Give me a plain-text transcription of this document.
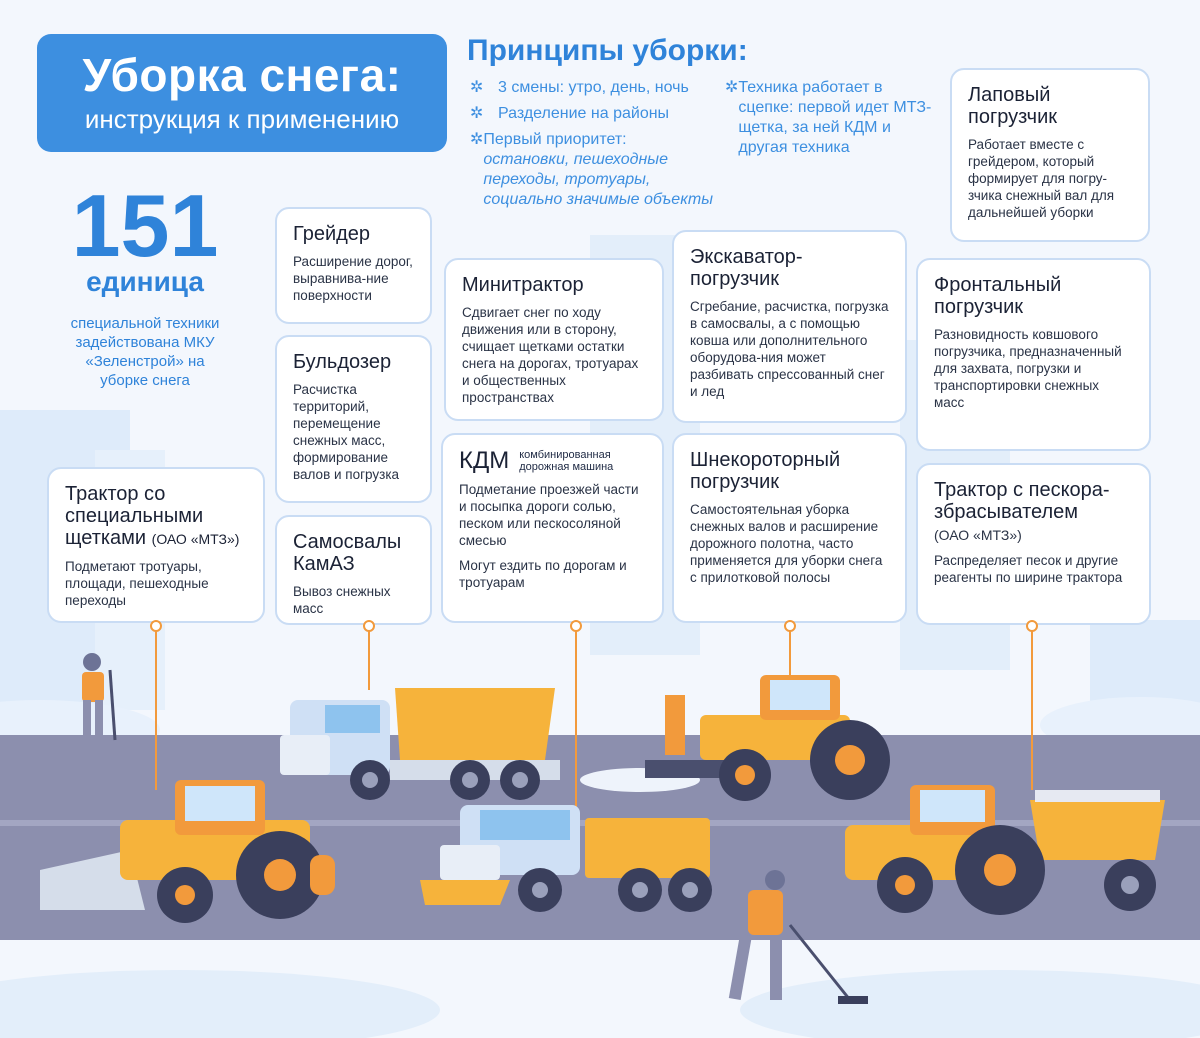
Уборка снега:
инструкция к применению
Принципы уборки:
✲ 3 смены: утро, день, ночь
✲ Разделение на районы
✲ Первый приоритет:
остановки, пешеходные переходы, тротуары, социально значимые объекты
✲ Техника работает в сцепке: первой идет МТЗ-щетка, за ней КДМ и другая техника
151
единица
специальной техники задействована МКУ «Зеленстрой» на уборке снега
Грейдер

Расширение дорог, выравнива-ние поверхности

Бульдозер

Расчистка территорий, перемещение снежных масс, формирование валов и погрузка

Самосвалы КамАЗ

Вывоз снежных масс

Трактор со специальными щетками (ОАО «МТЗ»)

Подметают тротуары, площади, пешеходные переходы

Минитрактор

Сдвигает снег по ходу движения или в сторону, счищает щетками остатки снега на дорогах, тротуарах и общественных пространствах

КДМ комбинированная дорожная машина

Подметание проезжей части и посыпка дороги солью, песком или пескосоляной смесью

Могут ездить по дорогам и тротуарам

Экскаватор-погрузчик

Сгребание, расчистка, погрузка в самосвалы, а с помощью ковша или дополнительного оборудова-ния может разбивать спрессованный снег и лед

Шнекороторный погрузчик

Самостоятельная уборка снежных валов и расширение дорожного полотна, часто применяется для уборки снега с прилотковой полосы

Лаповый погрузчик

Работает вместе с грейдером, который формирует для погру-зчика снежный вал для дальнейшей уборки

Фронтальный погрузчик

Разновидность ковшового погрузчика, предназначенный для захвата, погрузки и транспортировки снежных масс

Трактор с пескора-збрасывателем

(ОАО «МТЗ»)

Распределяет песок и другие реагенты по ширине трактора
